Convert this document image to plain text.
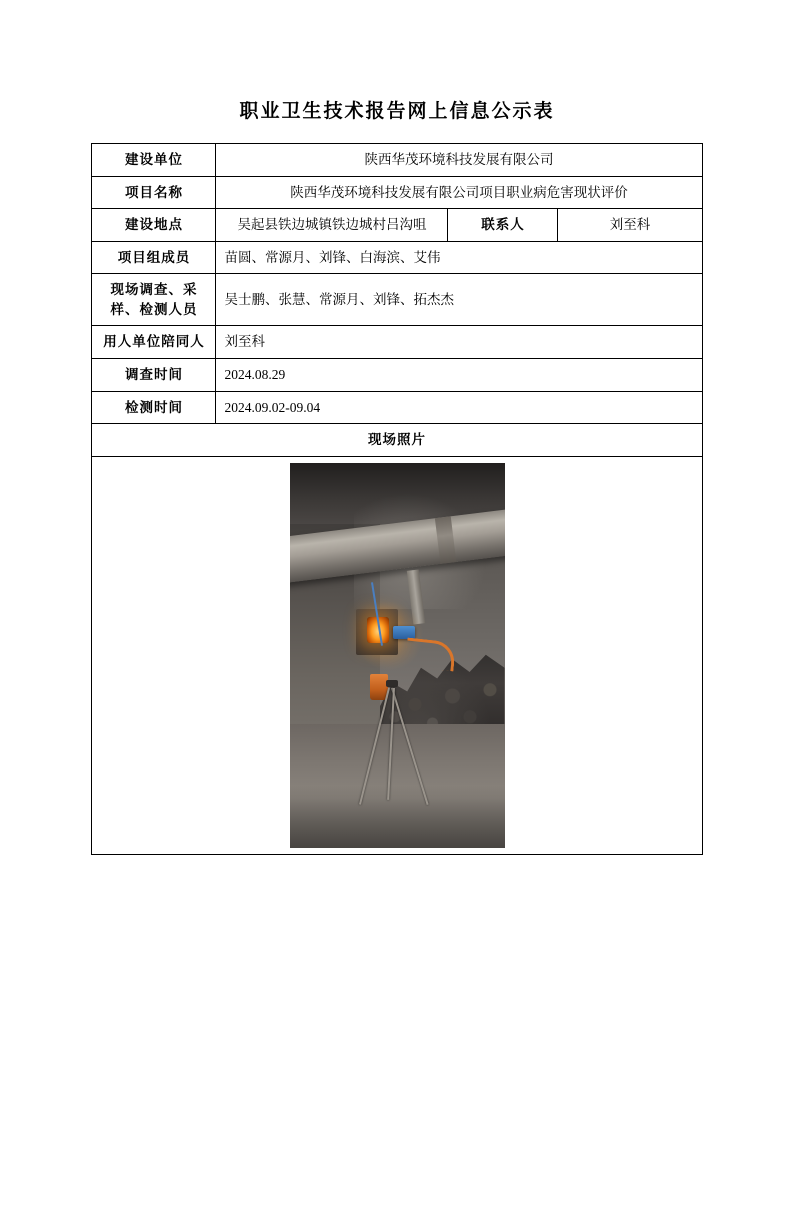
职业卫生技术报告网上信息公示表
建设单位	陕西华茂环境科技发展有限公司		
项目名称	陕西华茂环境科技发展有限公司项目职业病危害现状评价		
建设地点	吴起县铁边城镇铁边城村吕沟咀	联系人	刘至科
项目组成员	苗圆、常源月、刘锋、白海滨、艾伟		
现场调查、采样、检测人员	吴士鹏、张慧、常源月、刘锋、拓杰杰		
用人单位陪同人	刘至科		
调查时间	2024.08.29		
检测时间	2024.09.02-09.04		
现场照片			
